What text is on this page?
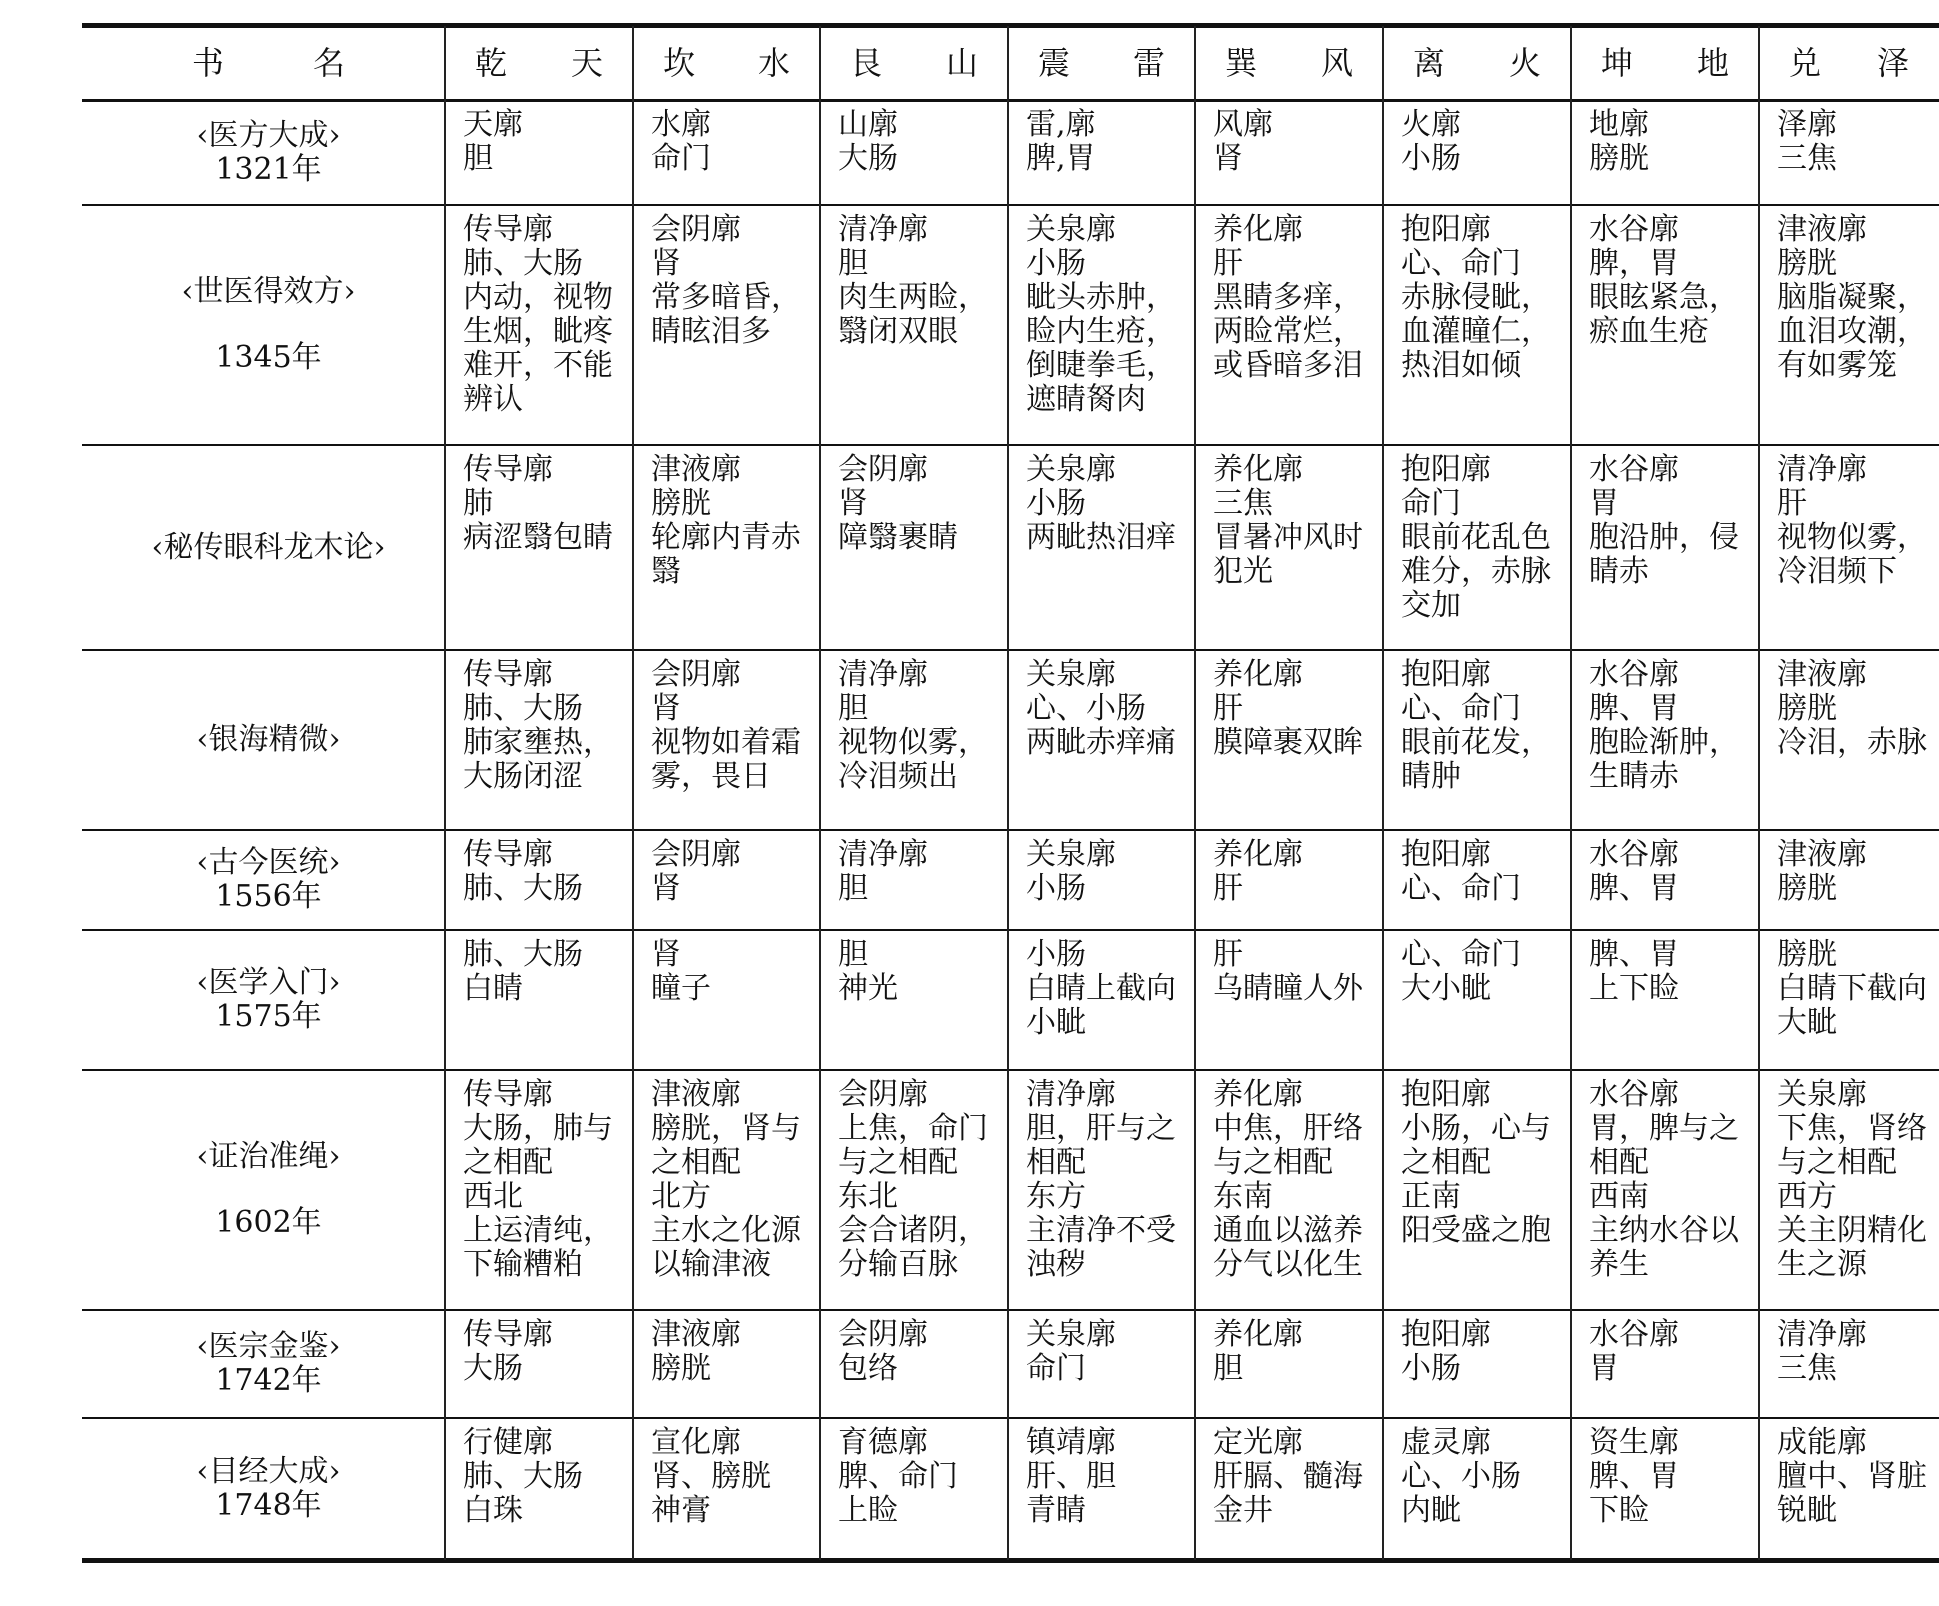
书	名	乾 天 坎 水 艮 山 震 雷 巽 风 离 火 坤 地 兑 泽
‹医方大成›
1321年
天廓
胆
水廓
命门
山廓
大肠
雷,廓
脾,胃
风廓
肾
火廓
小肠
地廓
膀胱
泽廓
三焦
‹世医得效方›
1345年
传导廓
肺、大肠
内动，视物
生烟，眦疼
难开，不能
辨认
会阴廓
肾
常多暗昏，
睛眩泪多
清净廓
胆
肉生两睑，
翳闭双眼
关泉廓
小肠
眦头赤肿，
睑内生疮，
倒睫拳毛，
遮睛胬肉
养化廓
肝
黑睛多痒，
两睑常烂，
或昏暗多泪
抱阳廓
心、命门
赤脉侵眦，
血灌瞳仁，
热泪如倾
水谷廓
脾，胃
眼眩紧急，
瘀血生疮
津液廓
膀胱
脑脂凝聚，
血泪攻潮，
有如雾笼
‹秘传眼科龙木论›
传导廓
肺
病涩翳包睛
津液廓
膀胱
轮廓内青赤
翳
会阴廓
肾
障翳裹睛
关泉廓
小肠
两眦热泪痒
养化廓
三焦
冒暑冲风时
犯光
抱阳廓
命门
眼前花乱色
难分，赤脉
交加
水谷廓
胃
胞沿肿，侵
睛赤
清净廓
肝
视物似雾，
冷泪频下
‹银海精微›
传导廓
肺、大肠
肺家壅热，
大肠闭涩
会阴廓
肾
视物如着霜
雾，畏日
清净廓
胆
视物似雾，
冷泪频出
关泉廓
心、小肠
两眦赤痒痛
养化廓
肝
膜障裹双眸
抱阳廓
心、命门
眼前花发，
睛肿
水谷廓
脾、胃
胞睑渐肿，
生睛赤
津液廓
膀胱
冷泪，赤脉
‹古今医统›
1556年
传导廓
肺、大肠
会阴廓
肾
清净廓
胆
关泉廓
小肠
养化廓
肝
抱阳廓
心、命门
水谷廓
脾、胃
津液廓
膀胱
‹医学入门›
1575年
肺、大肠
白睛
肾
瞳子
胆
神光
小肠
白睛上截向
小眦
肝
乌睛瞳人外
心、命门
大小眦
脾、胃
上下睑
膀胱
白睛下截向
大眦
‹证治准绳›
1602年
传导廓
大肠，肺与
之相配
西北
上运清纯，
下输糟粕
津液廓
膀胱，肾与
之相配
北方
主水之化源
以输津液
会阴廓
上焦，命门
与之相配
东北
会合诸阴，
分输百脉
清净廓
胆，肝与之
相配
东方
主清净不受
浊秽
养化廓
中焦，肝络
与之相配
东南
通血以滋养
分气以化生
抱阳廓
小肠，心与
之相配
正南
阳受盛之胞
水谷廓
胃，脾与之
相配
西南
主纳水谷以
养生
关泉廓
下焦，肾络
与之相配
西方
关主阴精化
生之源
‹医宗金鉴›
1742年
传导廓
大肠
津液廓
膀胱
会阴廓
包络
关泉廓
命门
养化廓
胆
抱阳廓
小肠
水谷廓
胃
清净廓
三焦
‹目经大成›
1748年
行健廓
肺、大肠
白珠
宣化廓
肾、膀胱
神膏
育德廓
脾、命门
上睑
镇靖廓
肝、胆
青睛
定光廓
肝膈、髓海
金井
虚灵廓
心、小肠
内眦
资生廓
脾、胃
下睑
成能廓
膻中、肾脏
锐眦
